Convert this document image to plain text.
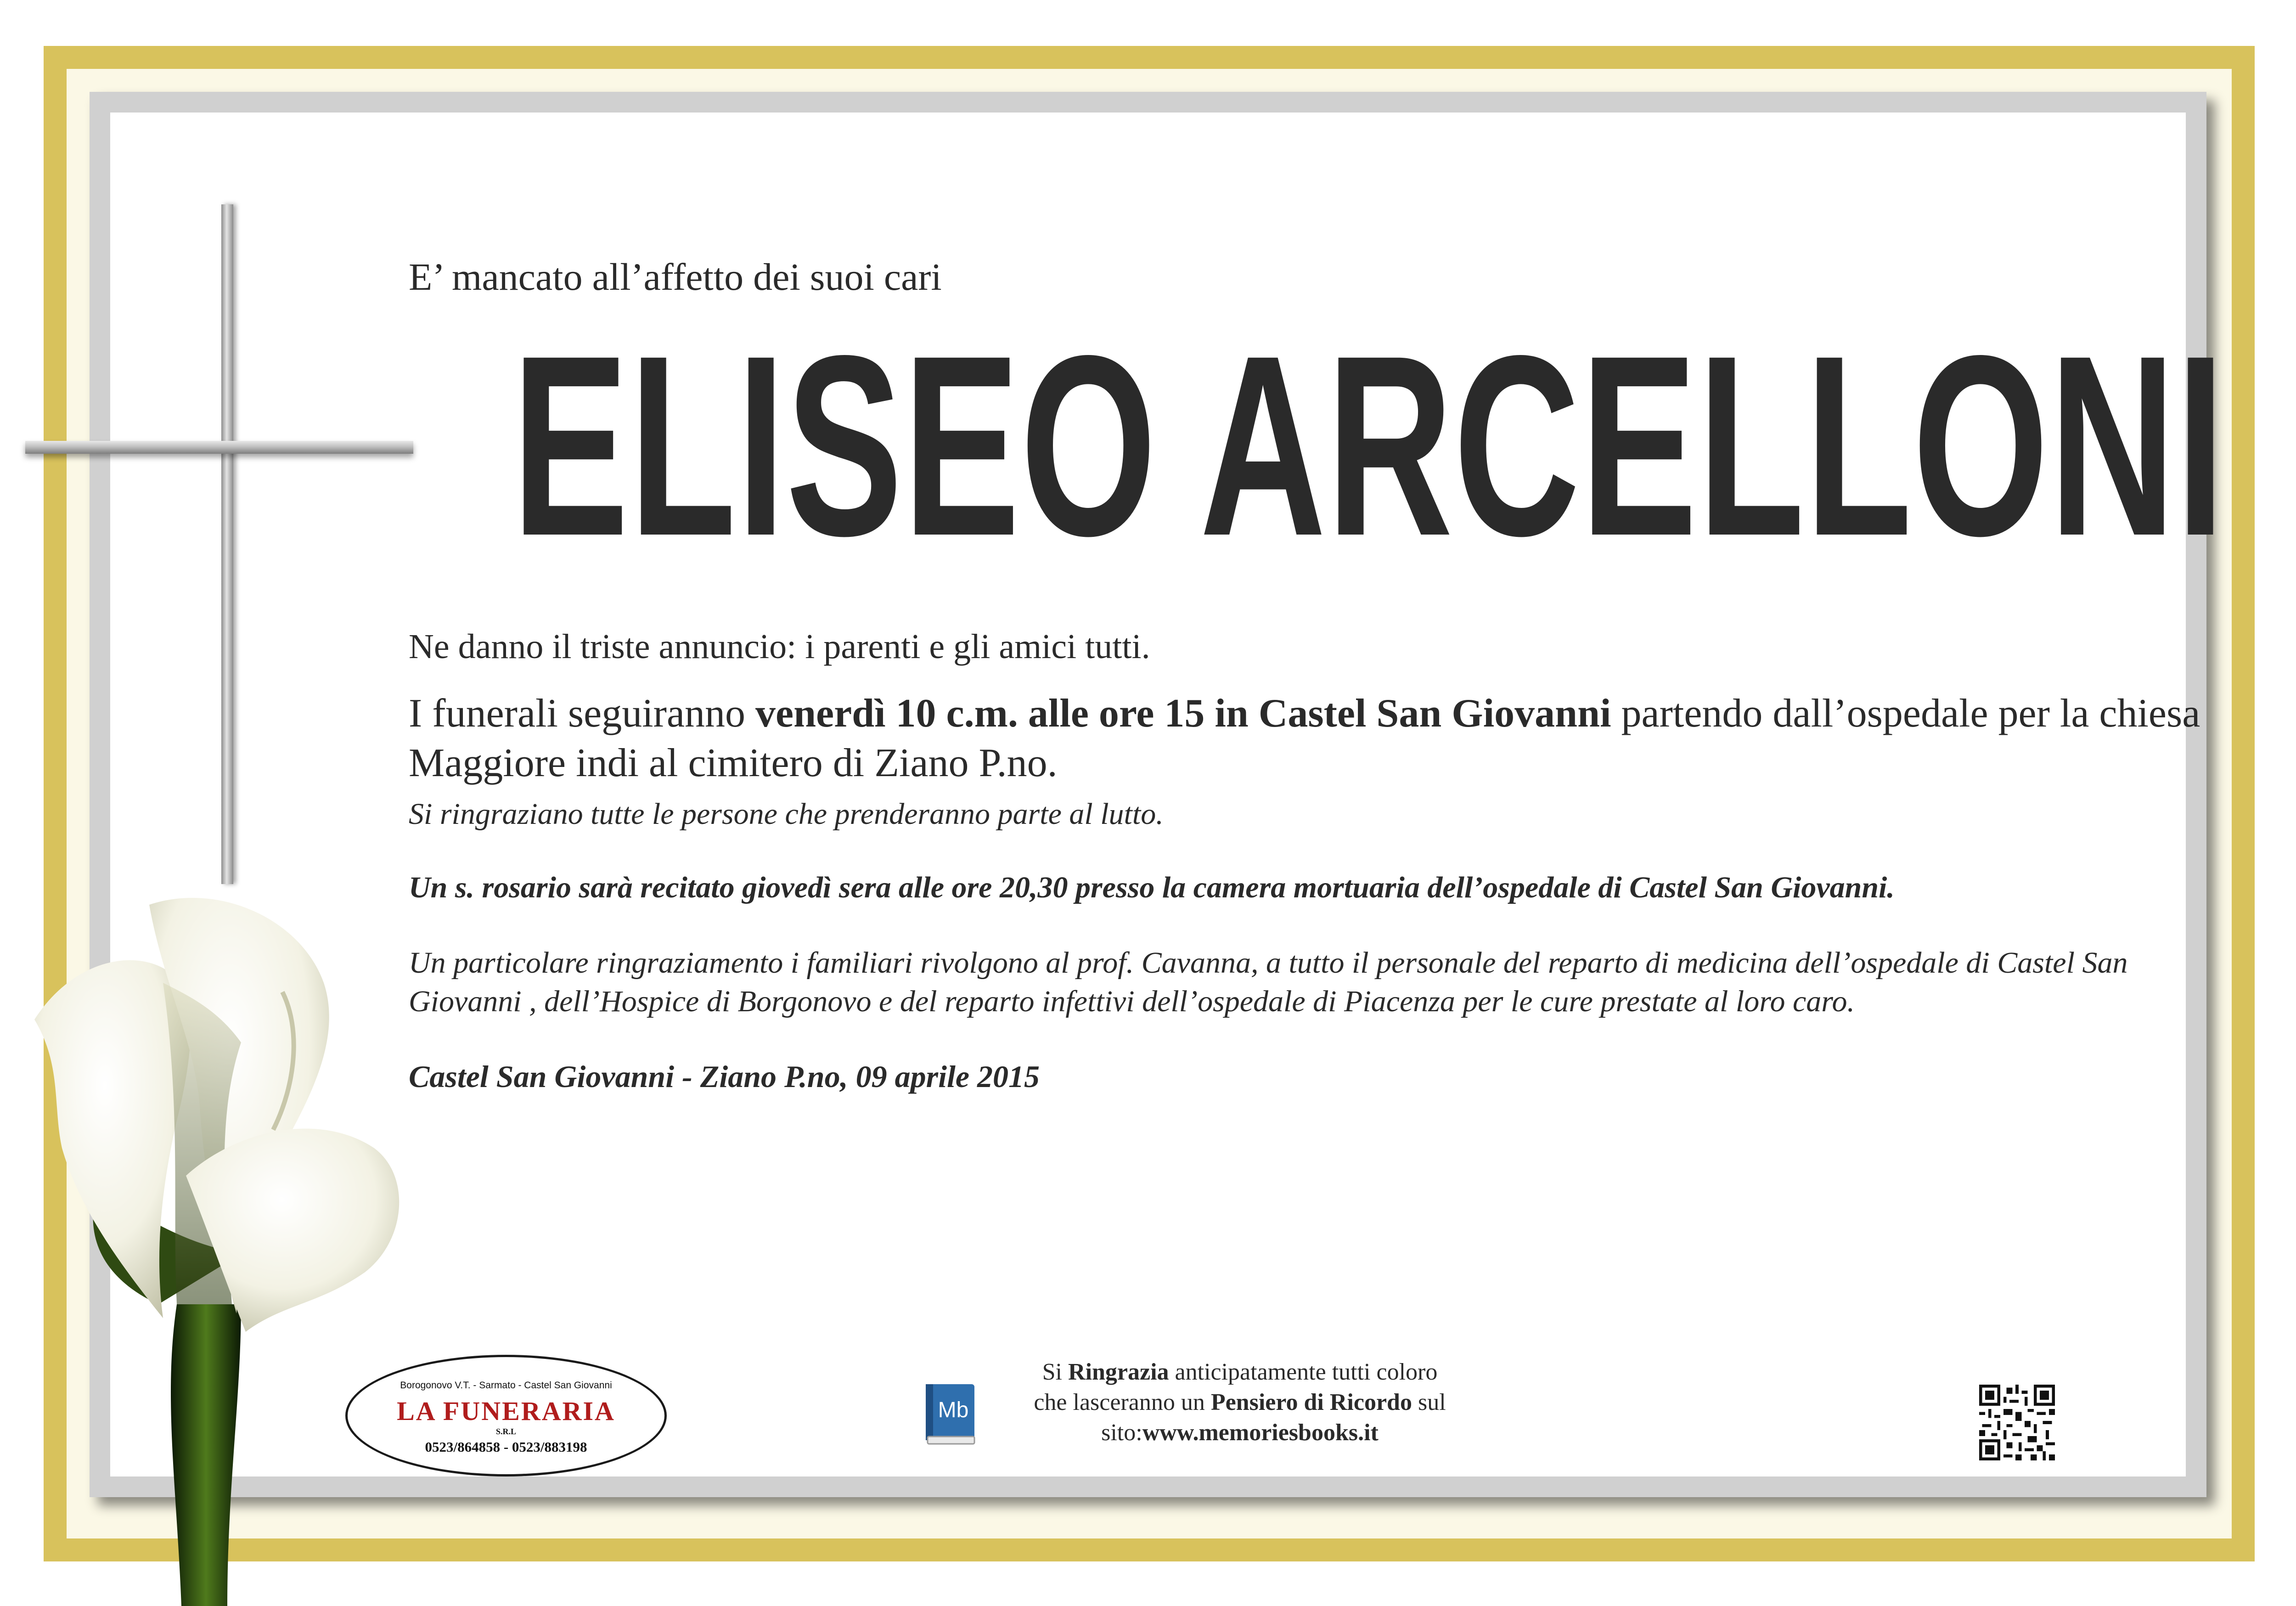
E’ mancato all’affetto dei suoi cari
ELISEO ARCELLONI
Ne danno il triste annuncio: i parenti e gli amici tutti.
I funerali seguiranno venerdì 10 c.m. alle ore 15 in Castel San Giovanni partendo dall’ospedale per la chiesa Maggiore indi al cimitero di Ziano P.no.
Si ringraziano tutte le persone che prenderanno parte al lutto.
Un s. rosario sarà recitato giovedì sera alle ore 20,30 presso la camera mortuaria dell’ospedale di Castel San Giovanni.
Un particolare ringraziamento i familiari rivolgono al prof. Cavanna, a tutto il personale del reparto di medicina dell’ospedale di Castel San Giovanni , dell’Hospice di Borgonovo e del reparto infettivi dell’ospedale di Piacenza per le cure prestate al loro caro.
Castel San Giovanni - Ziano P.no, 09 aprile 2015
Borogonovo V.T. - Sarmato - Castel San Giovanni
LA FUNERARIA
S.R.L
0523/864858 - 0523/883198
Mb
Si Ringrazia anticipatamente tutti coloro
che lasceranno un Pensiero di Ricordo sul
sito:www.memoriesbooks.it
